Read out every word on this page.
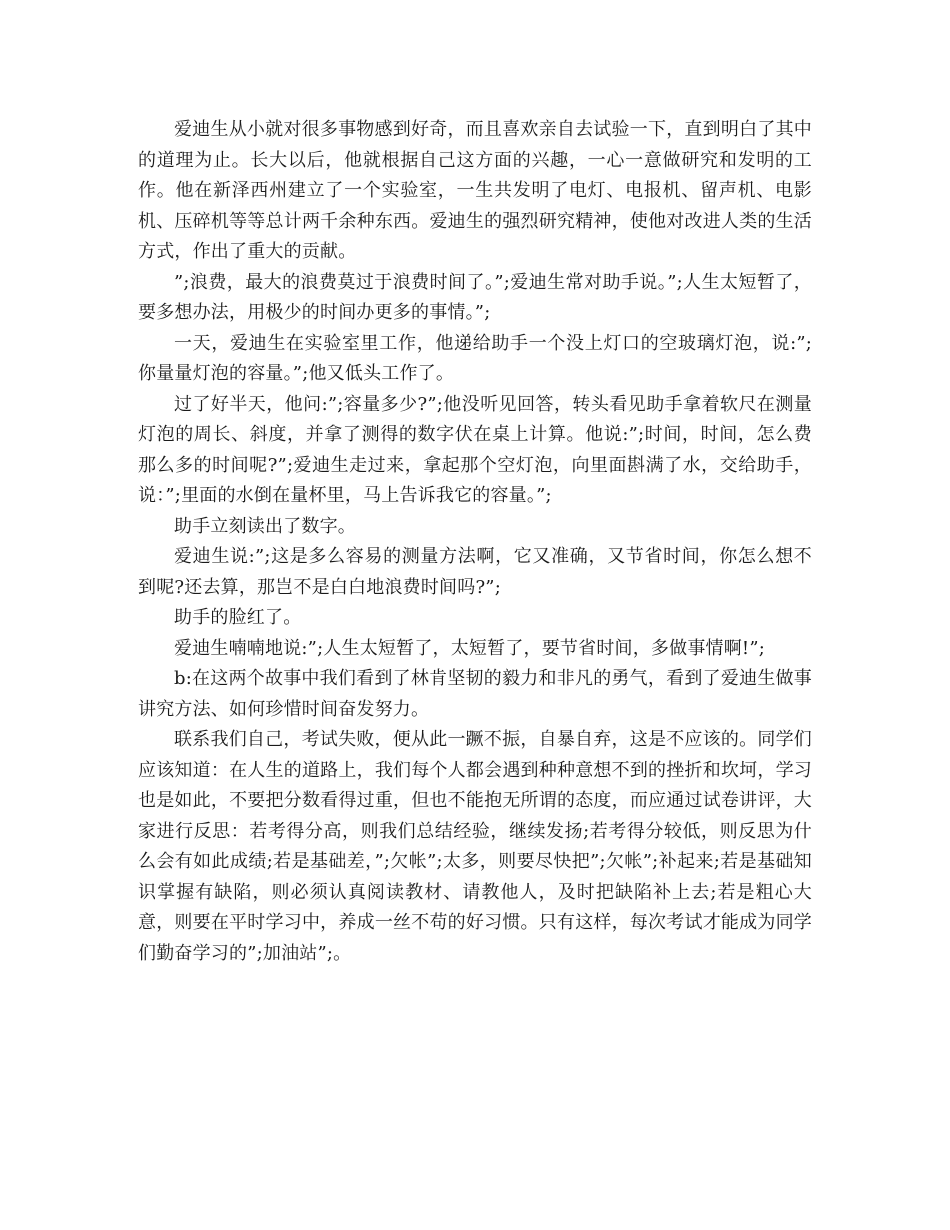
爱迪生从小就对很多事物感到好奇，而且喜欢亲自去试验一下，直到明白了其中的道理为止。长大以后，他就根据自己这方面的兴趣，一心一意做研究和发明的工作。他在新泽西州建立了一个实验室，一生共发明了电灯、电报机、留声机、电影机、压碎机等等总计两千余种东西。爱迪生的强烈研究精神，使他对改进人类的生活方式，作出了重大的贡献。

”;浪费，最大的浪费莫过于浪费时间了。”;爱迪生常对助手说。”;人生太短暂了，要多想办法，用极少的时间办更多的事情。”;

一天，爱迪生在实验室里工作，他递给助手一个没上灯口的空玻璃灯泡，说:”;你量量灯泡的容量。”;他又低头工作了。

过了好半天，他问:”;容量多少?”;他没听见回答，转头看见助手拿着软尺在测量灯泡的周长、斜度，并拿了测得的数字伏在桌上计算。他说:”;时间，时间，怎么费那么多的时间呢?”;爱迪生走过来，拿起那个空灯泡，向里面斟满了水，交给助手，说：”;里面的水倒在量杯里，马上告诉我它的容量。”;

助手立刻读出了数字。

爱迪生说:”;这是多么容易的测量方法啊，它又准确，又节省时间，你怎么想不到呢?还去算，那岂不是白白地浪费时间吗?”;

助手的脸红了。

爱迪生喃喃地说:”;人生太短暂了，太短暂了，要节省时间，多做事情啊!”;

b:在这两个故事中我们看到了林肯坚韧的毅力和非凡的勇气，看到了爱迪生做事讲究方法、如何珍惜时间奋发努力。

联系我们自己，考试失败，便从此一蹶不振，自暴自弃，这是不应该的。同学们应该知道：在人生的道路上，我们每个人都会遇到种种意想不到的挫折和坎坷，学习也是如此，不要把分数看得过重，但也不能抱无所谓的态度，而应通过试卷讲评，大家进行反思：若考得分高，则我们总结经验，继续发扬;若考得分较低，则反思为什么会有如此成绩;若是基础差，”;欠帐”;太多，则要尽快把”;欠帐”;补起来;若是基础知识掌握有缺陷，则必须认真阅读教材、请教他人，及时把缺陷补上去;若是粗心大意，则要在平时学习中，养成一丝不苟的好习惯。只有这样，每次考试才能成为同学们勤奋学习的”;加油站”;。
